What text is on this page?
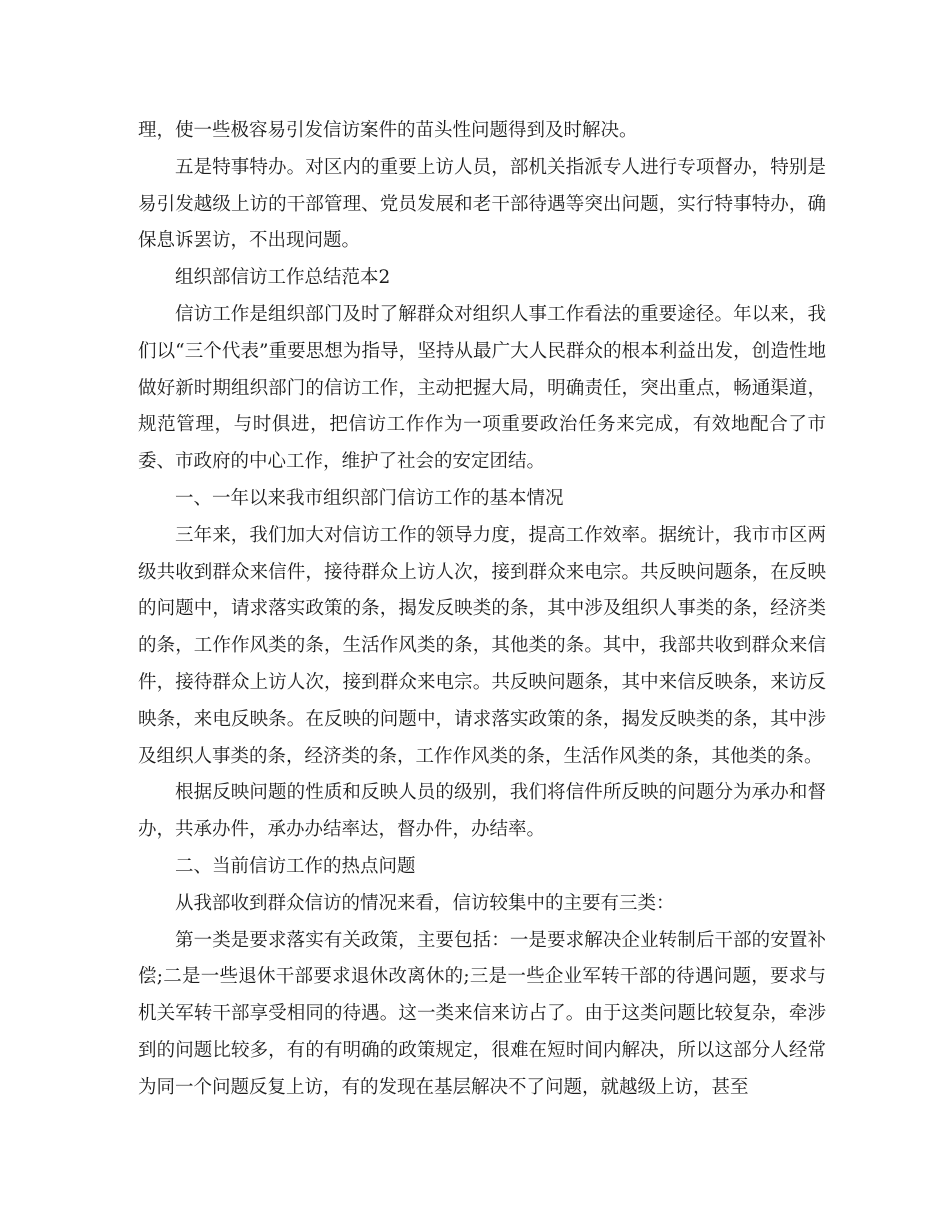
理，使一些极容易引发信访案件的苗头性问题得到及时解决。

五是特事特办。对区内的重要上访人员，部机关指派专人进行专项督办，特别是易引发越级上访的干部管理、党员发展和老干部待遇等突出问题，实行特事特办，确保息诉罢访，不出现问题。

组织部信访工作总结范本2

信访工作是组织部门及时了解群众对组织人事工作看法的重要途径。年以来，我们以“三个代表”重要思想为指导，坚持从最广大人民群众的根本利益出发，创造性地做好新时期组织部门的信访工作，主动把握大局，明确责任，突出重点，畅通渠道，规范管理，与时俱进，把信访工作作为一项重要政治任务来完成，有效地配合了市委、市政府的中心工作，维护了社会的安定团结。

一、一年以来我市组织部门信访工作的基本情况

三年来，我们加大对信访工作的领导力度，提高工作效率。据统计，我市市区两级共收到群众来信件，接待群众上访人次，接到群众来电宗。共反映问题条，在反映的问题中，请求落实政策的条，揭发反映类的条，其中涉及组织人事类的条，经济类的条，工作作风类的条，生活作风类的条，其他类的条。其中，我部共收到群众来信件，接待群众上访人次，接到群众来电宗。共反映问题条，其中来信反映条，来访反映条，来电反映条。在反映的问题中，请求落实政策的条，揭发反映类的条，其中涉及组织人事类的条，经济类的条，工作作风类的条，生活作风类的条，其他类的条。

根据反映问题的性质和反映人员的级别，我们将信件所反映的问题分为承办和督办，共承办件，承办办结率达，督办件，办结率。

二、当前信访工作的热点问题

从我部收到群众信访的情况来看，信访较集中的主要有三类：

第一类是要求落实有关政策，主要包括：一是要求解决企业转制后干部的安置补偿;二是一些退休干部要求退休改离休的;三是一些企业军转干部的待遇问题，要求与机关军转干部享受相同的待遇。这一类来信来访占了。由于这类问题比较复杂，牵涉到的问题比较多，有的有明确的政策规定，很难在短时间内解决，所以这部分人经常为同一个问题反复上访，有的发现在基层解决不了问题，就越级上访，甚至
